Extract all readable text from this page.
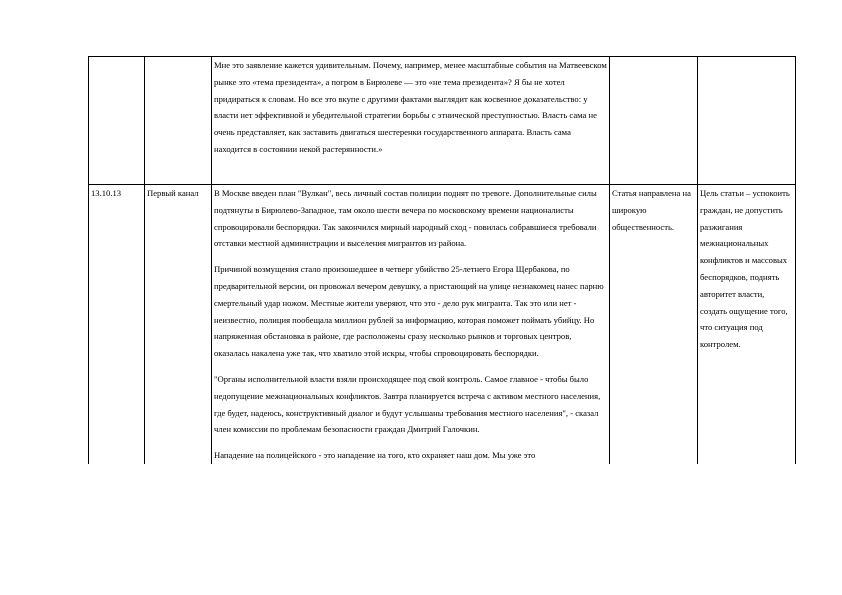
		Мне это заявление кажется удивительным. Почему, например, менее масштабные события на Матвеевском рынке это «тема президента», а погром в Бирюлеве — это «не тема президента»? Я бы не хотел придираться к словам. Но все это вкупе с другими фактами выглядит как косвенное доказательство: у власти нет эффективной и убедительной стратегии борьбы с этнической преступностью. Власть сама не очень представляет, как заставить двигаться шестеренки государственного аппарата. Власть сама находится в состоянии некой растерянности.»		

13.10.13	Первый канал	В Москве введен план "Вулкан", весь личный состав полиции поднят по тревоге. Дополнительные силы подтянуты в Бирюлево-Западное, там около шести вечера по московскому времени националисты спровоцировали беспорядки. Так закончился мирный народный сход - повилась собравшиеся требовали отставки местной администрации и выселения мигрантов из района.

Причиной возмущения стало произошедшее в четверг убийство 25-летнего Егора Щербакова, по предварительной версии, он провожал вечером девушку, а пристающий на улице незнакомец нанес парню смертельный удар ножом. Местные жители уверяют, что это - дело рук мигранта. Так это или нет - неизвестно, полиция пообещала миллион рублей за информацию, которая поможет поймать убийцу. Но напряженная обстановка в районе, где расположены сразу несколько рынков и торговых центров, оказалась накалена уже так, что хватило этой искры, чтобы спровоцировать беспорядки.

"Органы исполнительной власти взяли происходящее под свой контроль. Самое главное - чтобы было недопущение межнациональных конфликтов. Завтра планируется встреча с активом местного населения, где будет, надеюсь, конструктивный диалог и будут услышаны требования местного населения", - сказал член комиссии по проблемам безопасности граждан Дмитрий Галочкин.

Нападение на полицейского - это нападение на того, кто охраняет наш дом. Мы уже это	Статья направлена на широкую общественность.	Цель статьи – успокоить граждан, не допустить разжигания межнациональных конфликтов и массовых беспорядков, поднять авторитет власти, создать ощущение того, что ситуация под контролем.
